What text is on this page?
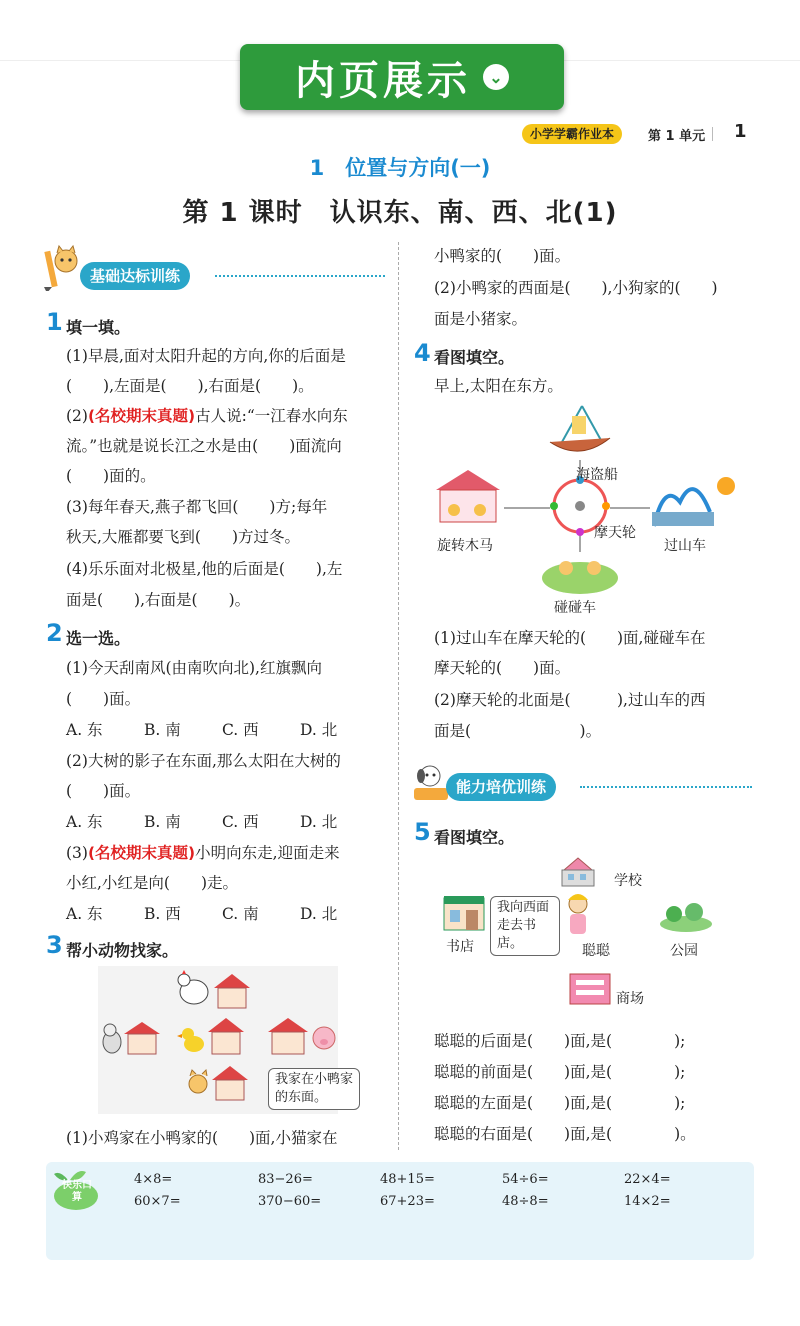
内页展示	⌄
小学学霸作业本	第 1 单元 1
1　位置与方向(一)
第 1 课时　认识东、南、西、北(1)
基础达标训练
1 填一填。
(1)早晨,面对太阳升起的方向,你的后面是
(　　),左面是(　　),右面是(　　)。
(2)(名校期末真题)古人说:“一江春水向东
流。”也就是说长江之水是由(　　)面流向
(　　)面的。
(3)每年春天,燕子都飞回(　　)方;每年
秋天,大雁都要飞到(　　)方过冬。
(4)乐乐面对北极星,他的后面是(　　),左
面是(　　),右面是(　　)。
2 选一选。
(1)今天刮南风(由南吹向北),红旗飘向
(　　)面。
A. 东	B. 南	C. 西	D. 北
(2)大树的影子在东面,那么太阳在大树的
(　　)面。
A. 东	B. 南	C. 西	D. 北
(3)(名校期末真题)小明向东走,迎面走来
小红,小红是向(　　)走。
A. 东	B. 西	C. 南	D. 北
3 帮小动物找家。
我家在小鸭家的东面。
(1)小鸡家在小鸭家的(　　)面,小猫家在
小鸭家的(　　)面。
(2)小鸭家的西面是(　　),小狗家的(　　)
面是小猪家。
4 看图填空。
早上,太阳在东方。
海盗船
旋转木马
摩天轮
过山车
碰碰车
(1)过山车在摩天轮的(　　)面,碰碰车在
摩天轮的(　　)面。
(2)摩天轮的北面是(　　　),过山车的西
面是(　　　　　　　)。
能力培优训练
5 看图填空。
我向西面走去书店。
学校
书店	聪聪	公园
商场
聪聪的后面是(　　)面,是(　　　　);
聪聪的前面是(　　)面,是(　　　　);
聪聪的左面是(　　)面,是(　　　　);
聪聪的右面是(　　)面,是(　　　　)。
快乐口算
4×8=	83−26=	48+15=	54÷6=	22×4=
60×7=	370−60=	67+23=	48÷8=	14×2=
